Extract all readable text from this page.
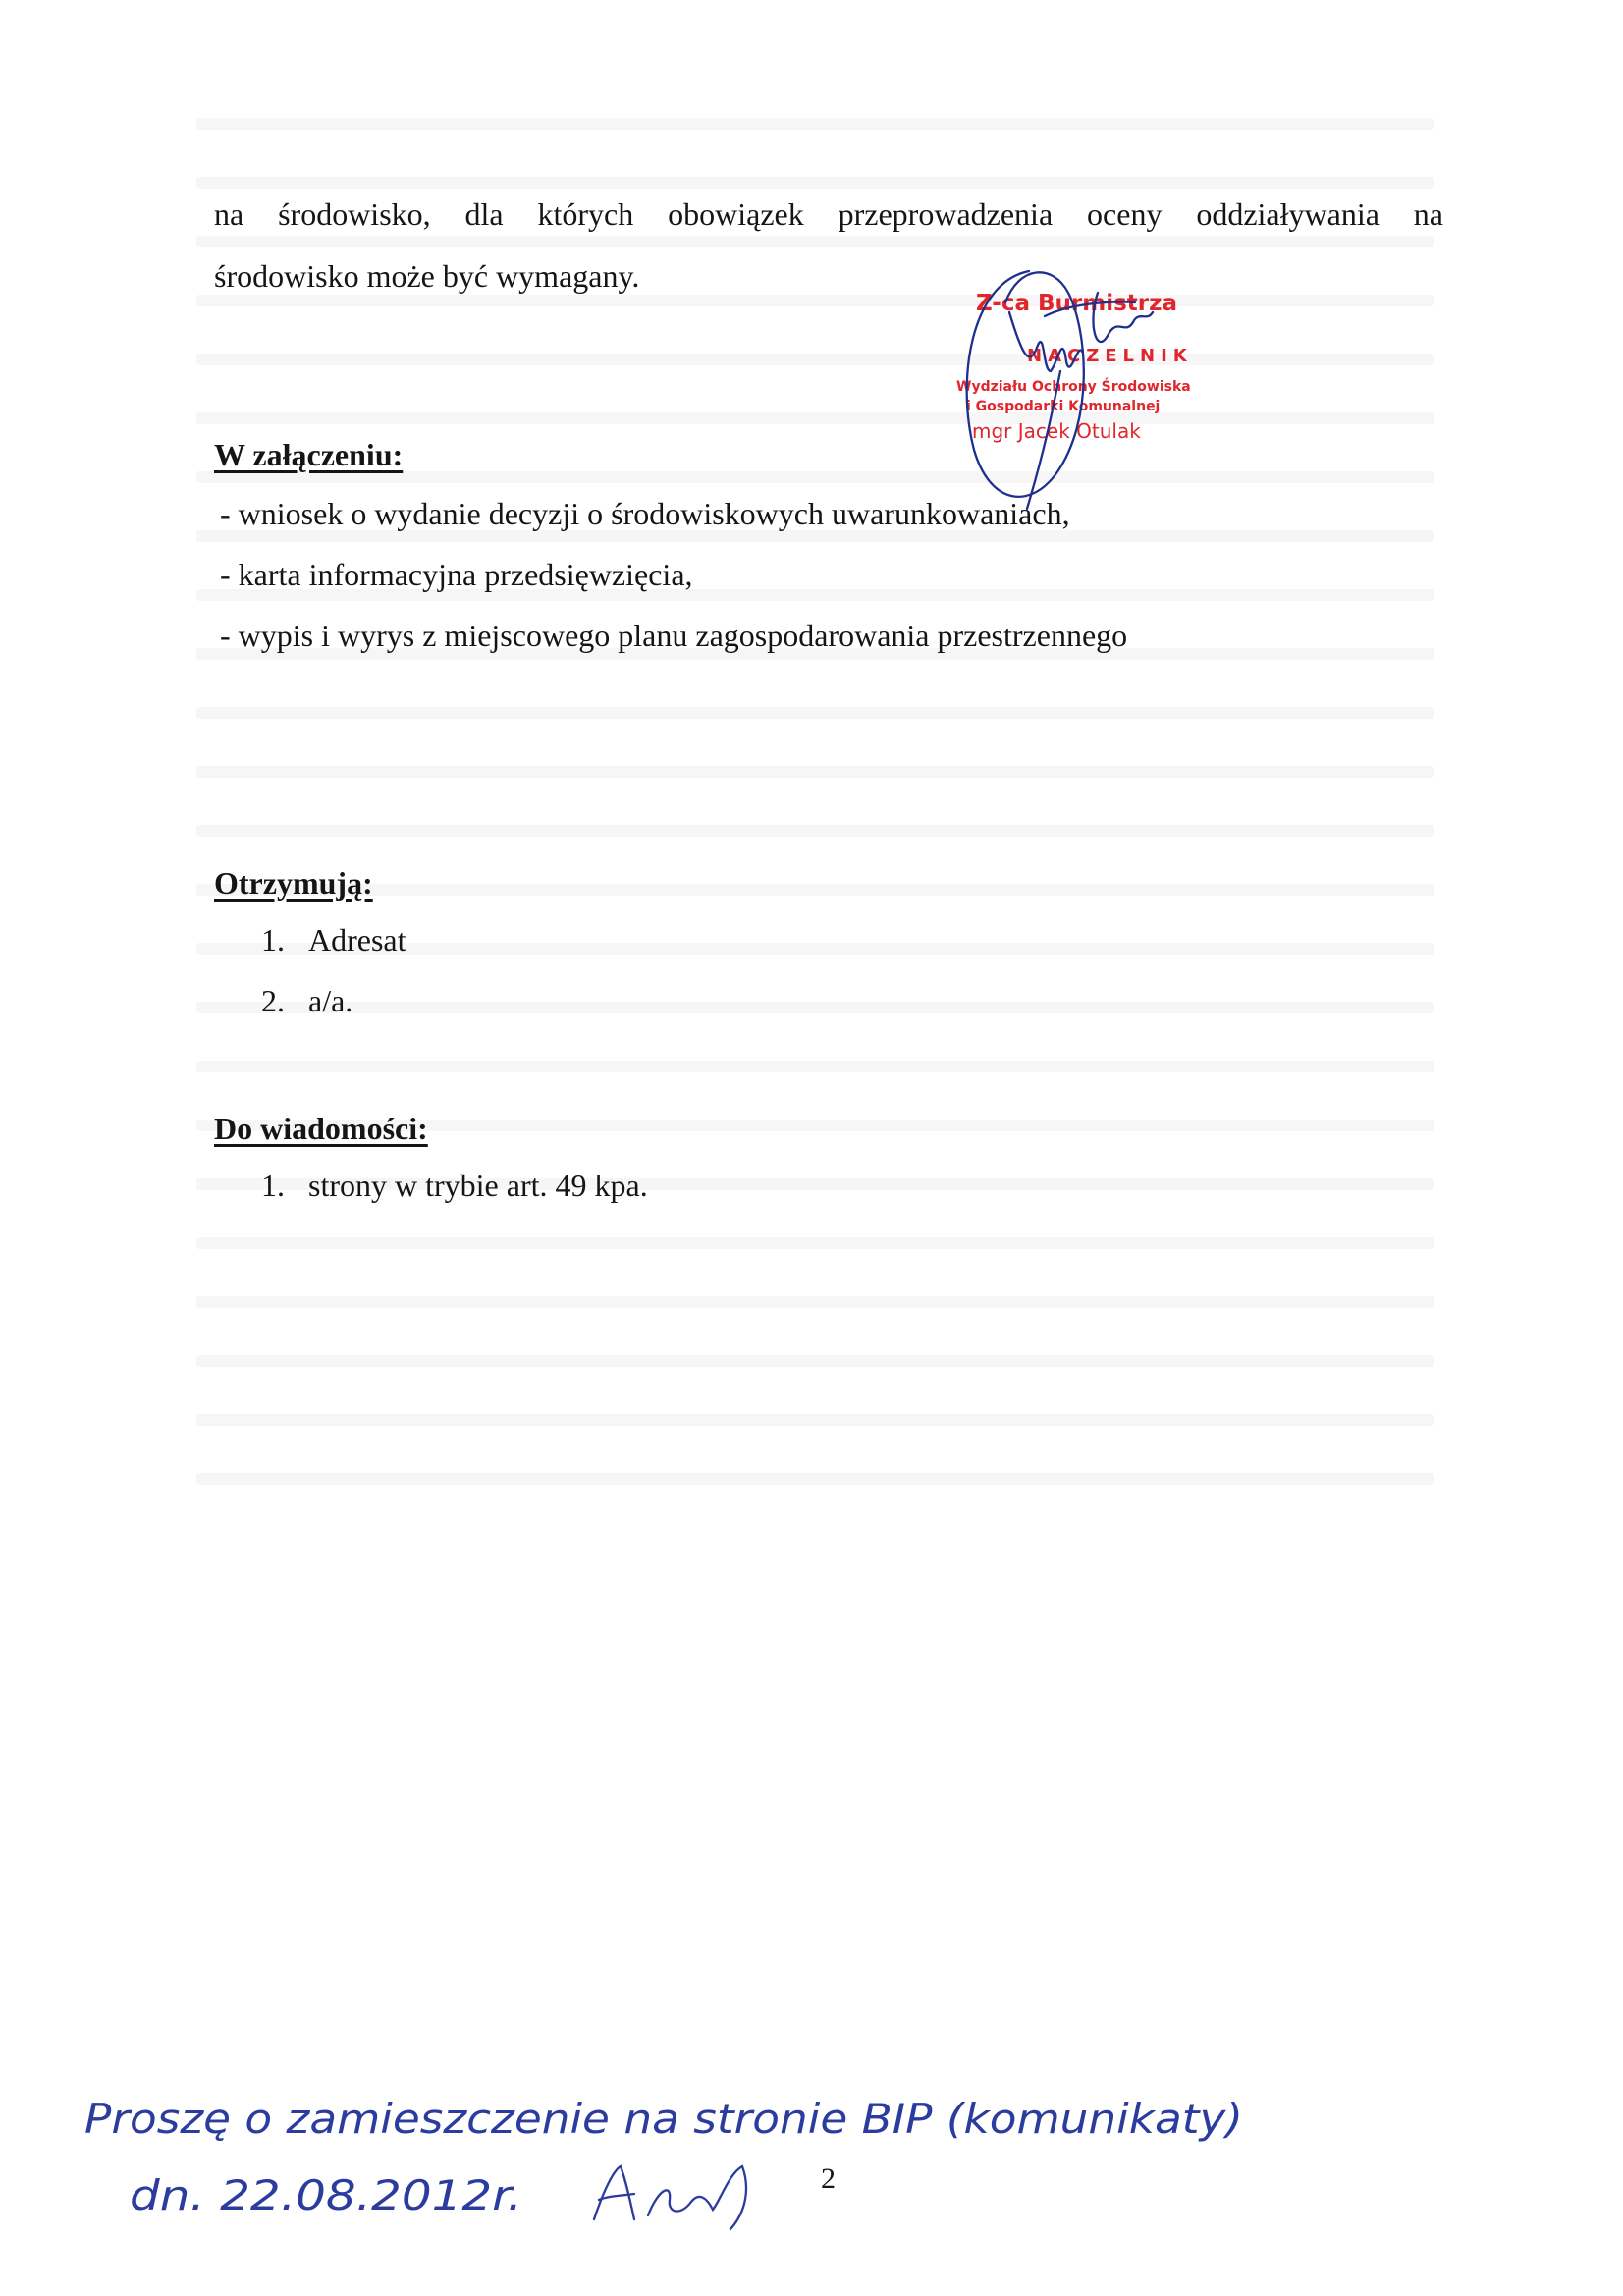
na środowisko, dla których obowiązek przeprowadzenia oceny oddziaływania na
środowisko może być wymagany.
W załączeniu:
- wniosek o wydanie decyzji o środowiskowych uwarunkowaniach,
- karta informacyjna przedsięwzięcia,
- wypis i wyrys z miejscowego planu zagospodarowania przestrzennego
Otrzymują:
1. Adresat
2. a/a.
Do wiadomości:
1. strony w trybie art. 49 kpa.
Z-ca Burmistrza
NACZELNIK
Wydziału Ochrony Środowiska
i Gospodarki Komunalnej
mgr Jacek Otulak
Proszę o zamieszczenie na stronie BIP (komunikaty)
dn. 22.08.2012r.	2
